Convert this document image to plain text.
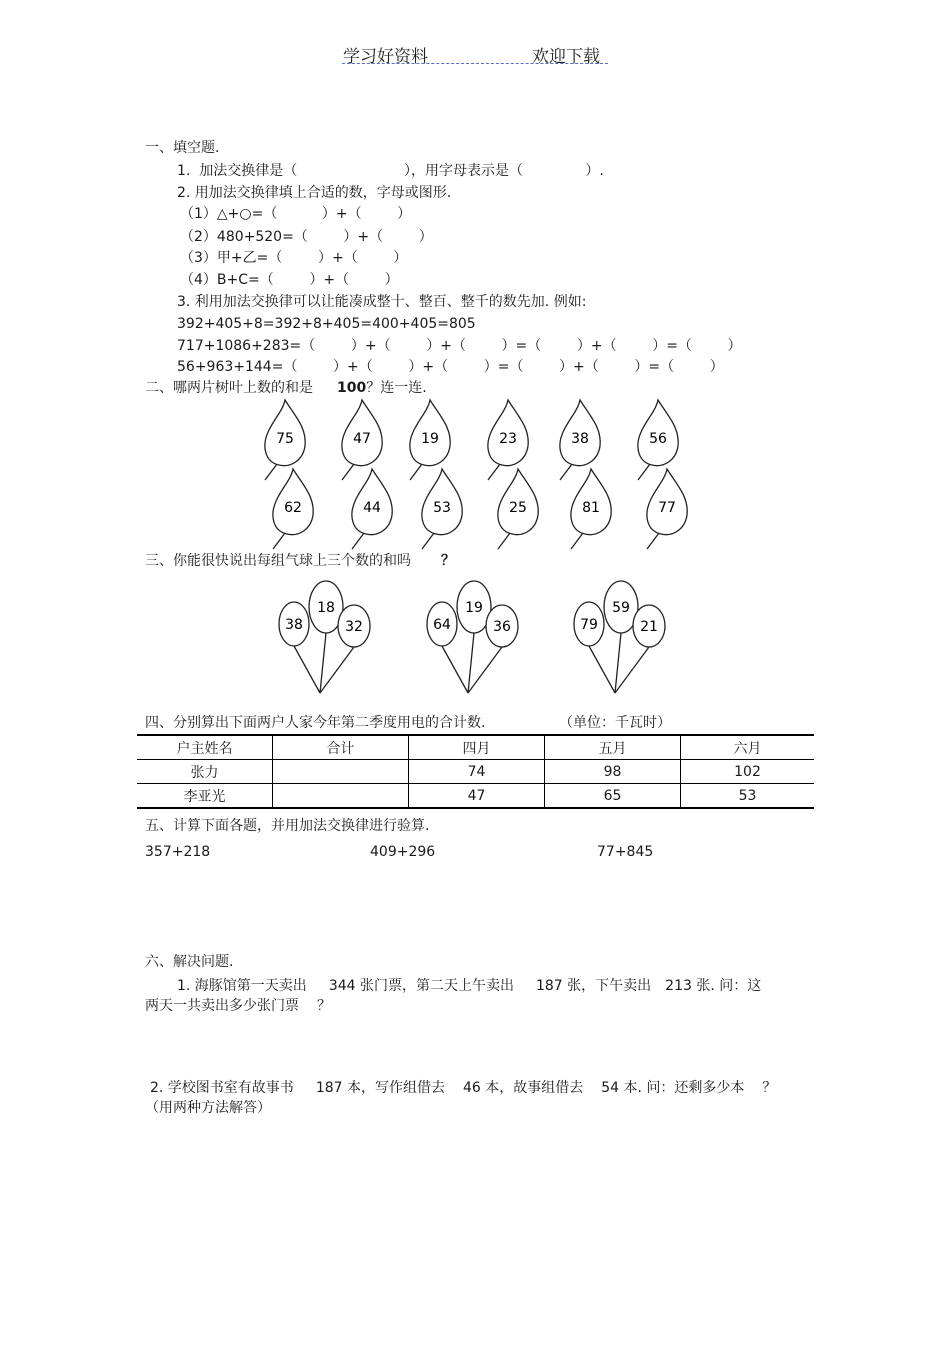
学习好资料	欢迎下载
一、填空题.
1.  加法交换律是（                        ），用字母表示是（              ）.
2. 用加法交换律填上合适的数，字母或图形.
（1）△+○=（          ）+（        ）
（2）480+520=（        ）+（        ）
（3）甲+乙=（        ）+（        ）
（4）B+C=（        ）+（        ）
3. 利用加法交换律可以让能凑成整十、整百、整千的数先加. 例如:
392+405+8=392+8+405=400+405=805
717+1086+283=（        ）+（        ）+（        ）=（        ）+（        ）=（        ）
56+963+144=（        ）+（        ）+（        ）=（        ）+（        ）=（        ）
二、哪两片树叶上数的和是 100？连一连.
75	47	19	23	38	56
62	44	53	25	81	77
38
18
32	64
19
36	79
59
21
三、你能很快说出每组气球上三个数的和吗 ？
四、分别算出下面两户人家今年第二季度用电的合计数.	（单位：千瓦时）
户主姓名	合计	四月	五月	六月
张力		74	98	102
李亚光		47	65	53
五、计算下面各题，并用加法交换律进行验算.
357+218	409+296	77+845
六、解决问题.
1. 海豚馆第一天卖出 344 张门票，第二天上午卖出 187 张，下午卖出 213 张. 问：这
两天一共卖出多少张门票 ？
2. 学校图书室有故事书 187 本，写作组借去 46 本，故事组借去 54 本. 问：还剩多少本 ？
（用两种方法解答）
